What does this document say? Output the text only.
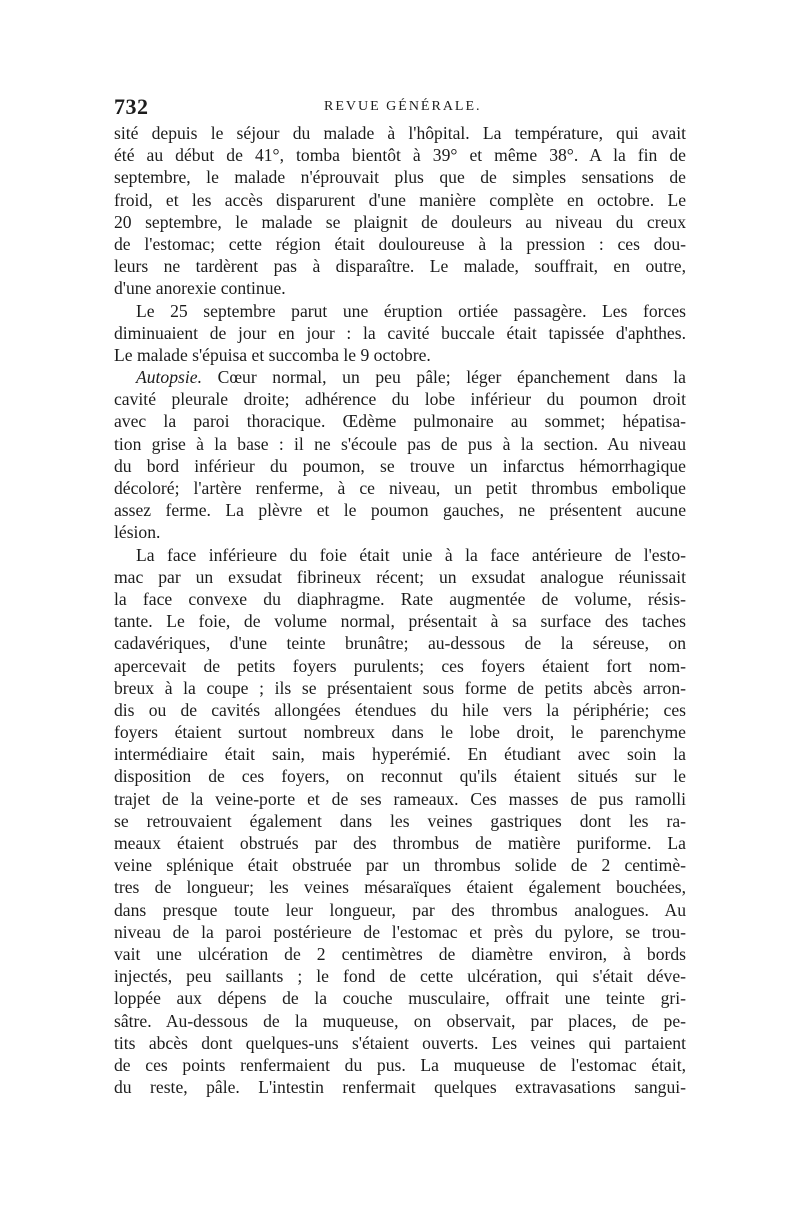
732	REVUE GÉNÉRALE.
sité depuis le séjour du malade à l'hôpital. La température, qui avait
été au début de 41°, tomba bientôt à 39° et même 38°. A la fin de
septembre, le malade n'éprouvait plus que de simples sensations de
froid, et les accès disparurent d'une manière complète en octobre. Le
20 septembre, le malade se plaignit de douleurs au niveau du creux
de l'estomac; cette région était douloureuse à la pression : ces dou-
leurs ne tardèrent pas à disparaître. Le malade, souffrait, en outre,
d'une anorexie continue.
Le 25 septembre parut une éruption ortiée passagère. Les forces
diminuaient de jour en jour : la cavité buccale était tapissée d'aphthes.
Le malade s'épuisa et succomba le 9 octobre.
Autopsie. Cœur normal, un peu pâle; léger épanchement dans la
cavité pleurale droite; adhérence du lobe inférieur du poumon droit
avec la paroi thoracique. Œdème pulmonaire au sommet; hépatisa-
tion grise à la base : il ne s'écoule pas de pus à la section. Au niveau
du bord inférieur du poumon, se trouve un infarctus hémorrhagique
décoloré; l'artère renferme, à ce niveau, un petit thrombus embolique
assez ferme. La plèvre et le poumon gauches, ne présentent aucune
lésion.
La face inférieure du foie était unie à la face antérieure de l'esto-
mac par un exsudat fibrineux récent; un exsudat analogue réunissait
la face convexe du diaphragme. Rate augmentée de volume, résis-
tante. Le foie, de volume normal, présentait à sa surface des taches
cadavériques, d'une teinte brunâtre; au-dessous de la séreuse, on
apercevait de petits foyers purulents; ces foyers étaient fort nom-
breux à la coupe ; ils se présentaient sous forme de petits abcès arron-
dis ou de cavités allongées étendues du hile vers la périphérie; ces
foyers étaient surtout nombreux dans le lobe droit, le parenchyme
intermédiaire était sain, mais hyperémié. En étudiant avec soin la
disposition de ces foyers, on reconnut qu'ils étaient situés sur le
trajet de la veine-porte et de ses rameaux. Ces masses de pus ramolli
se retrouvaient également dans les veines gastriques dont les ra-
meaux étaient obstrués par des thrombus de matière puriforme. La
veine splénique était obstruée par un thrombus solide de 2 centimè-
tres de longueur; les veines mésaraïques étaient également bouchées,
dans presque toute leur longueur, par des thrombus analogues. Au
niveau de la paroi postérieure de l'estomac et près du pylore, se trou-
vait une ulcération de 2 centimètres de diamètre environ, à bords
injectés, peu saillants ; le fond de cette ulcération, qui s'était déve-
loppée aux dépens de la couche musculaire, offrait une teinte gri-
sâtre. Au-dessous de la muqueuse, on observait, par places, de pe-
tits abcès dont quelques-uns s'étaient ouverts. Les veines qui partaient
de ces points renfermaient du pus. La muqueuse de l'estomac était,
du reste, pâle. L'intestin renfermait quelques extravasations sangui-
